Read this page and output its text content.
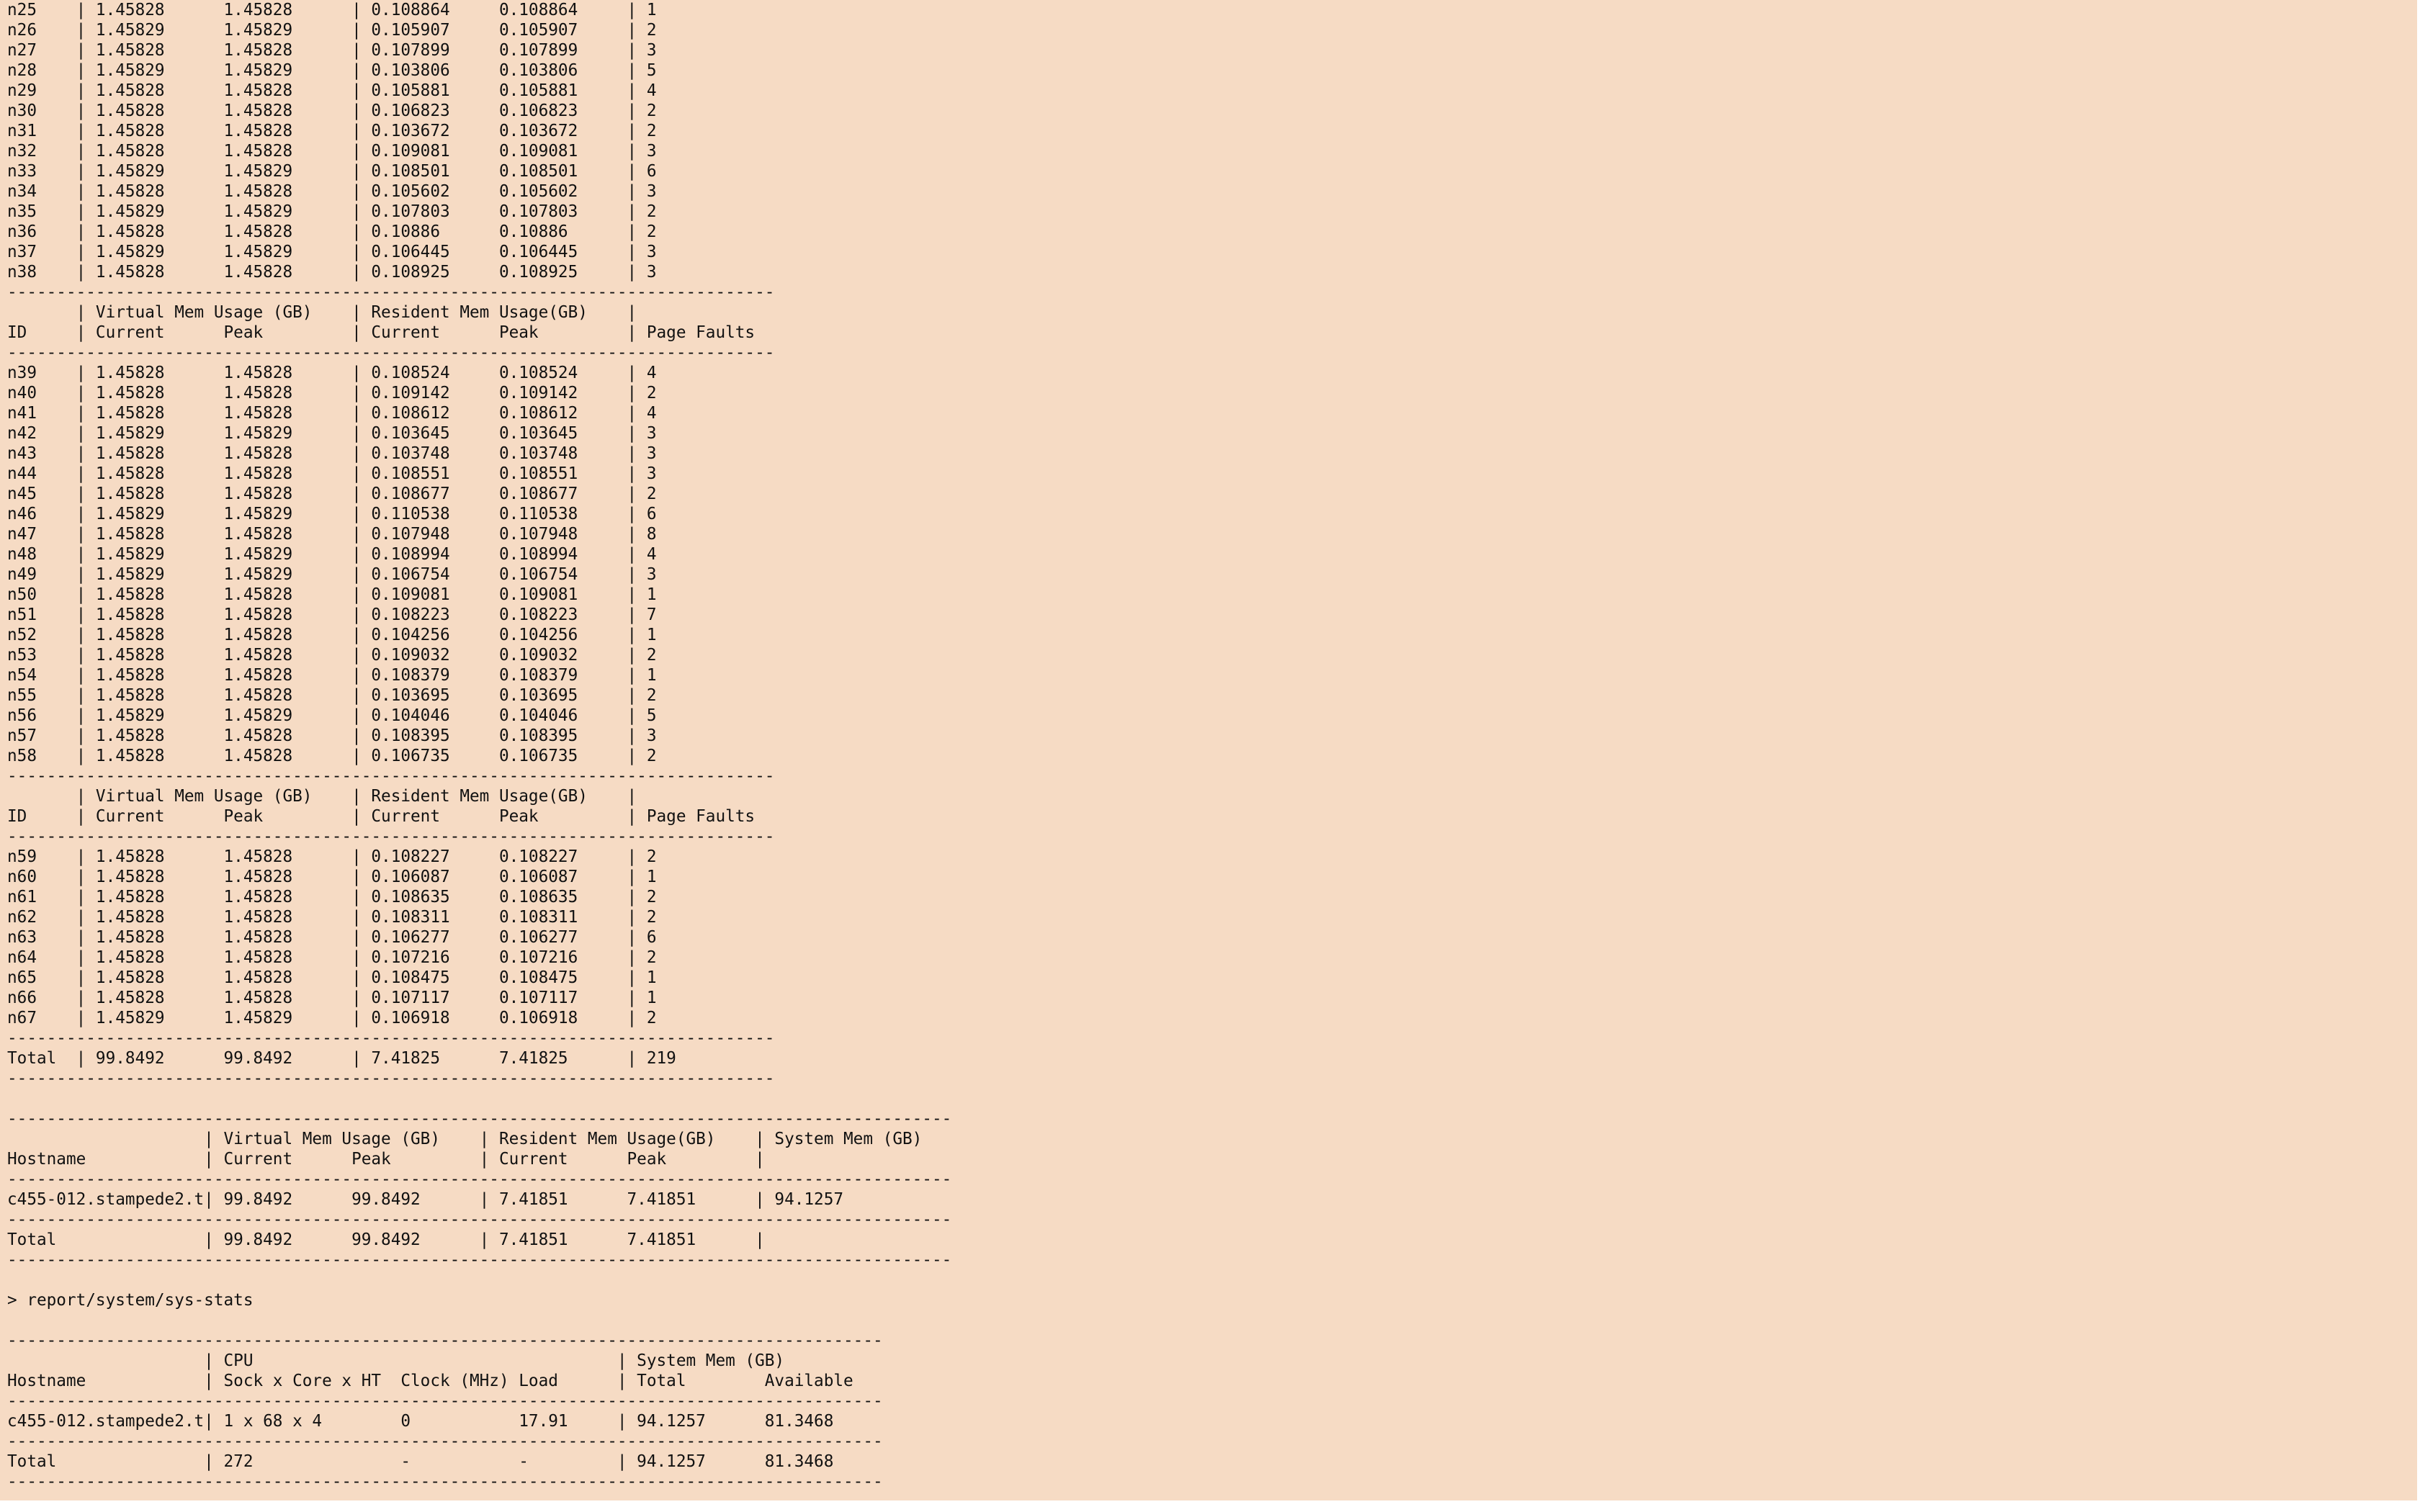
n25    | 1.45828      1.45828      | 0.108864     0.108864     | 1
n26    | 1.45829      1.45829      | 0.105907     0.105907     | 2
n27    | 1.45828      1.45828      | 0.107899     0.107899     | 3
n28    | 1.45829      1.45829      | 0.103806     0.103806     | 5
n29    | 1.45828      1.45828      | 0.105881     0.105881     | 4
n30    | 1.45828      1.45828      | 0.106823     0.106823     | 2
n31    | 1.45828      1.45828      | 0.103672     0.103672     | 2
n32    | 1.45828      1.45828      | 0.109081     0.109081     | 3
n33    | 1.45829      1.45829      | 0.108501     0.108501     | 6
n34    | 1.45828      1.45828      | 0.105602     0.105602     | 3
n35    | 1.45829      1.45829      | 0.107803     0.107803     | 2
n36    | 1.45828      1.45828      | 0.10886      0.10886      | 2
n37    | 1.45829      1.45829      | 0.106445     0.106445     | 3
n38    | 1.45828      1.45828      | 0.108925     0.108925     | 3
------------------------------------------------------------------------------
| Virtual Mem Usage (GB)    | Resident Mem Usage(GB)    |
ID     | Current      Peak         | Current      Peak         | Page Faults
------------------------------------------------------------------------------
n39    | 1.45828      1.45828      | 0.108524     0.108524     | 4
n40    | 1.45828      1.45828      | 0.109142     0.109142     | 2
n41    | 1.45828      1.45828      | 0.108612     0.108612     | 4
n42    | 1.45829      1.45829      | 0.103645     0.103645     | 3
n43    | 1.45828      1.45828      | 0.103748     0.103748     | 3
n44    | 1.45828      1.45828      | 0.108551     0.108551     | 3
n45    | 1.45828      1.45828      | 0.108677     0.108677     | 2
n46    | 1.45829      1.45829      | 0.110538     0.110538     | 6
n47    | 1.45828      1.45828      | 0.107948     0.107948     | 8
n48    | 1.45829      1.45829      | 0.108994     0.108994     | 4
n49    | 1.45829      1.45829      | 0.106754     0.106754     | 3
n50    | 1.45828      1.45828      | 0.109081     0.109081     | 1
n51    | 1.45828      1.45828      | 0.108223     0.108223     | 7
n52    | 1.45828      1.45828      | 0.104256     0.104256     | 1
n53    | 1.45828      1.45828      | 0.109032     0.109032     | 2
n54    | 1.45828      1.45828      | 0.108379     0.108379     | 1
n55    | 1.45828      1.45828      | 0.103695     0.103695     | 2
n56    | 1.45829      1.45829      | 0.104046     0.104046     | 5
n57    | 1.45828      1.45828      | 0.108395     0.108395     | 3
n58    | 1.45828      1.45828      | 0.106735     0.106735     | 2
------------------------------------------------------------------------------
| Virtual Mem Usage (GB)    | Resident Mem Usage(GB)    |
ID     | Current      Peak         | Current      Peak         | Page Faults
------------------------------------------------------------------------------
n59    | 1.45828      1.45828      | 0.108227     0.108227     | 2
n60    | 1.45828      1.45828      | 0.106087     0.106087     | 1
n61    | 1.45828      1.45828      | 0.108635     0.108635     | 2
n62    | 1.45828      1.45828      | 0.108311     0.108311     | 2
n63    | 1.45828      1.45828      | 0.106277     0.106277     | 6
n64    | 1.45828      1.45828      | 0.107216     0.107216     | 2
n65    | 1.45828      1.45828      | 0.108475     0.108475     | 1
n66    | 1.45828      1.45828      | 0.107117     0.107117     | 1
n67    | 1.45829      1.45829      | 0.106918     0.106918     | 2
------------------------------------------------------------------------------
Total  | 99.8492      99.8492      | 7.41825      7.41825      | 219
------------------------------------------------------------------------------
------------------------------------------------------------------------------------------------
| Virtual Mem Usage (GB)    | Resident Mem Usage(GB)    | System Mem (GB)
Hostname            | Current      Peak         | Current      Peak         |
------------------------------------------------------------------------------------------------
c455-012.stampede2.t| 99.8492      99.8492      | 7.41851      7.41851      | 94.1257
------------------------------------------------------------------------------------------------
Total               | 99.8492      99.8492      | 7.41851      7.41851      |
------------------------------------------------------------------------------------------------
> report/system/sys-stats
-----------------------------------------------------------------------------------------
| CPU                                     | System Mem (GB)
Hostname            | Sock x Core x HT  Clock (MHz) Load      | Total        Available
-----------------------------------------------------------------------------------------
c455-012.stampede2.t| 1 x 68 x 4        0           17.91     | 94.1257      81.3468
-----------------------------------------------------------------------------------------
Total               | 272               -           -         | 94.1257      81.3468
-----------------------------------------------------------------------------------------
